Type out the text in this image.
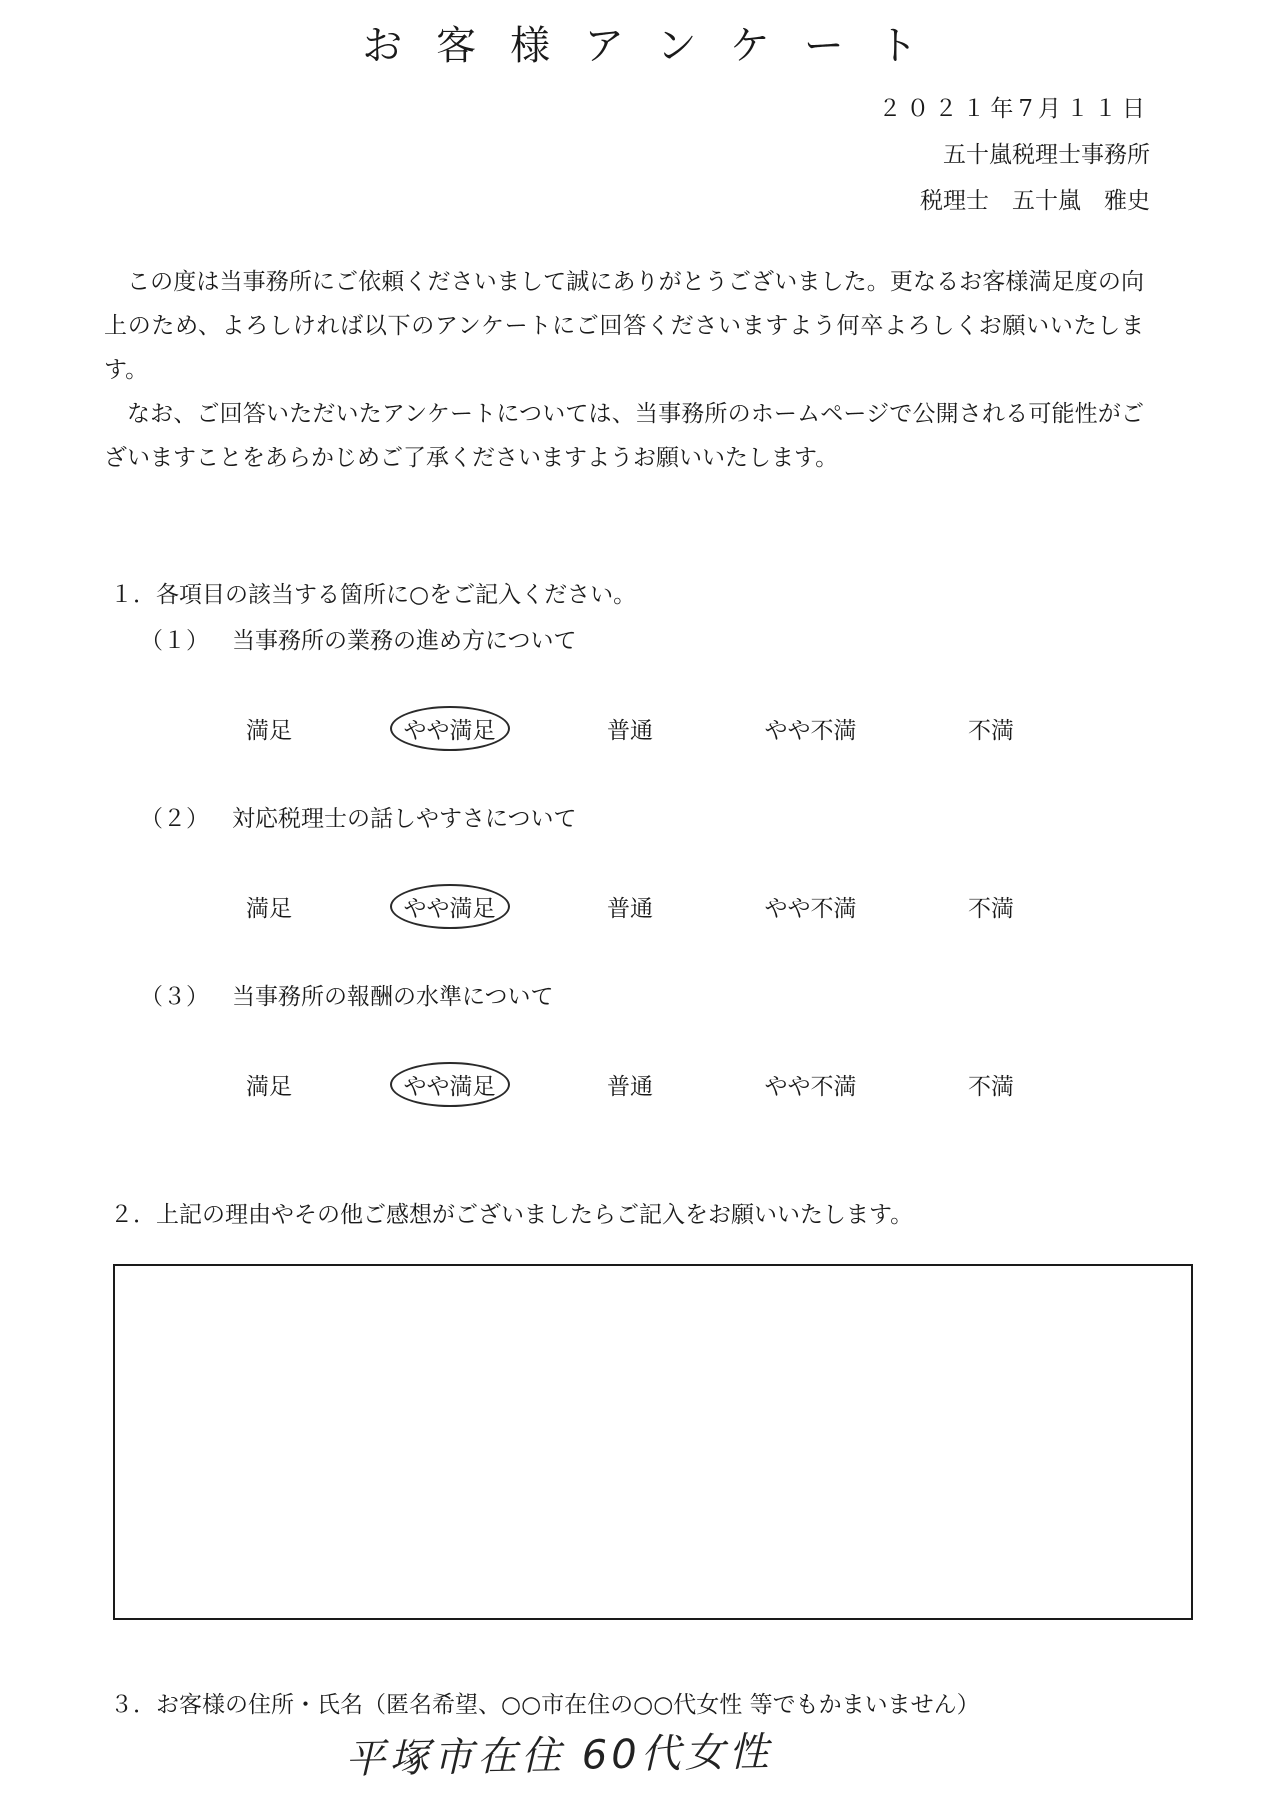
お客様アンケート
２０２１年7月１１日
五十嵐税理士事務所
税理士　五十嵐　雅史
この度は当事務所にご依頼くださいまして誠にありがとうございました。更なるお客様満足度の向上のため、よろしければ以下のアンケートにご回答くださいますよう何卒よろしくお願いいたします。
なお、ご回答いただいたアンケートについては、当事務所のホームページで公開される可能性がございますことをあらかじめご了承くださいますようお願いいたします。
１．各項目の該当する箇所に○をご記入ください。
（１） 当事務所の業務の進め方について
満足	やや満足	普通	やや不満	不満
（２） 対応税理士の話しやすさについて
満足	やや満足	普通	やや不満	不満
（３） 当事務所の報酬の水準について
満足	やや満足	普通	やや不満	不満
２．上記の理由やその他ご感想がございましたらご記入をお願いいたします。
３．お客様の住所・氏名（匿名希望、○○市在住の○○代女性 等でもかまいません）
平塚市在住 60代女性
